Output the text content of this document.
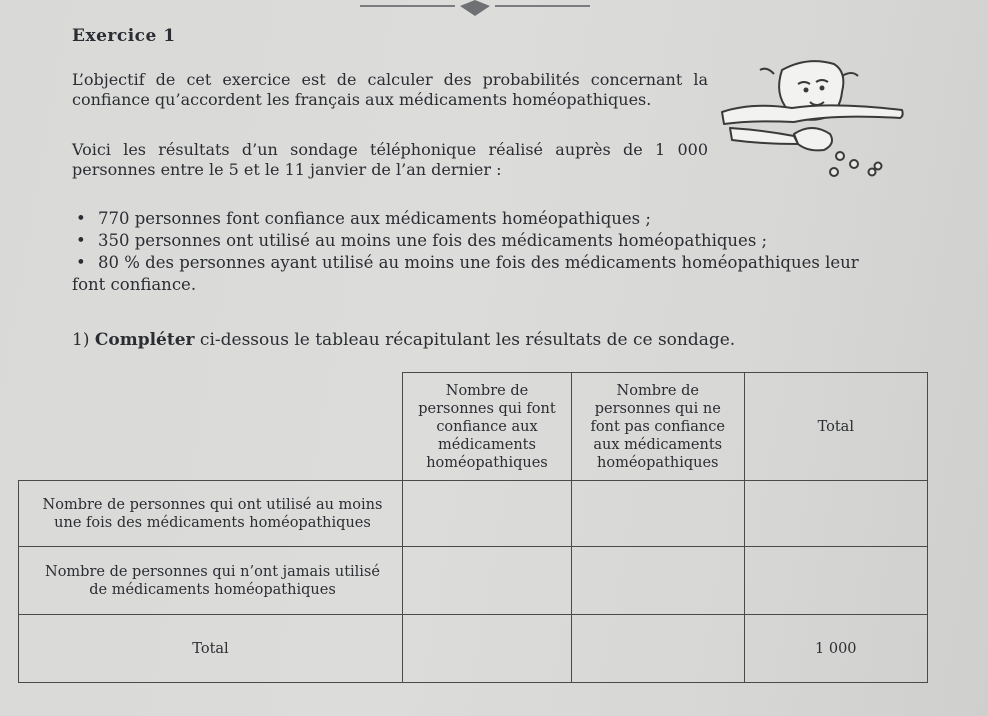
Exercice 1
L’objectif de cet exercice est de calculer des probabilités concernant la confiance qu’accordent les français aux médicaments homéopathiques.
Voici les résultats d’un sondage téléphonique réalisé auprès de 1 000 personnes entre le 5 et le 11 janvier de l’an dernier :
• 770 personnes font confiance aux médicaments homéopathiques ;
• 350 personnes ont utilisé au moins une fois des médicaments homéopathiques ;
• 80 % des personnes ayant utilisé au moins une fois des médicaments homéopathiques leur
font confiance.
1) Compléter ci-dessous le tableau récapitulant les résultats de ce sondage.

	Nombre de
personnes qui font
confiance aux
médicaments
homéopathiques	Nombre de
personnes qui ne
font pas confiance
aux médicaments
homéopathiques	Total

Nombre de personnes qui ont utilisé au moins
une fois des médicaments homéopathiques			

Nombre de personnes qui n’ont jamais utilisé
de médicaments homéopathiques			

Total			1 000
